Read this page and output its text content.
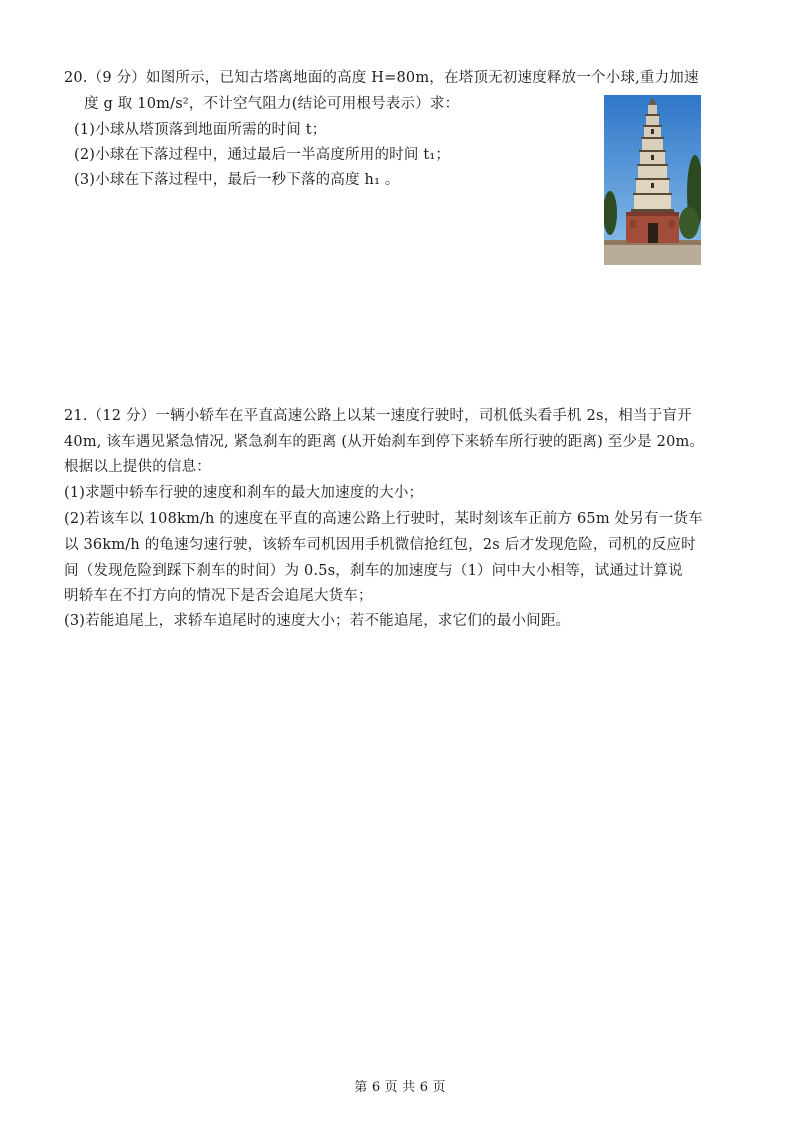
20.（9 分）如图所示，已知古塔离地面的高度 H=80m，在塔顶无初速度释放一个小球,重力加速
度 g 取 10m/s²，不计空气阻力(结论可用根号表示）求：
(1)小球从塔顶落到地面所需的时间 t；
(2)小球在下落过程中，通过最后一半高度所用的时间 t₁；
(3)小球在下落过程中，最后一秒下落的高度 h₁ 。
21.（12 分）一辆小轿车在平直高速公路上以某一速度行驶时，司机低头看手机 2s，相当于盲开
40m, 该车遇见紧急情况, 紧急刹车的距离 (从开始刹车到停下来轿车所行驶的距离) 至少是 20m。
根据以上提供的信息：
(1)求题中轿车行驶的速度和刹车的最大加速度的大小；
(2)若该车以 108km/h 的速度在平直的高速公路上行驶时，某时刻该车正前方 65m 处另有一货车
以 36km/h 的龟速匀速行驶，该轿车司机因用手机微信抢红包，2s 后才发现危险，司机的反应时
间（发现危险到踩下刹车的时间）为 0.5s，刹车的加速度与（1）问中大小相等，试通过计算说
明轿车在不打方向的情况下是否会追尾大货车；
(3)若能追尾上，求轿车追尾时的速度大小；若不能追尾，求它们的最小间距。
第 6 页 共 6 页
